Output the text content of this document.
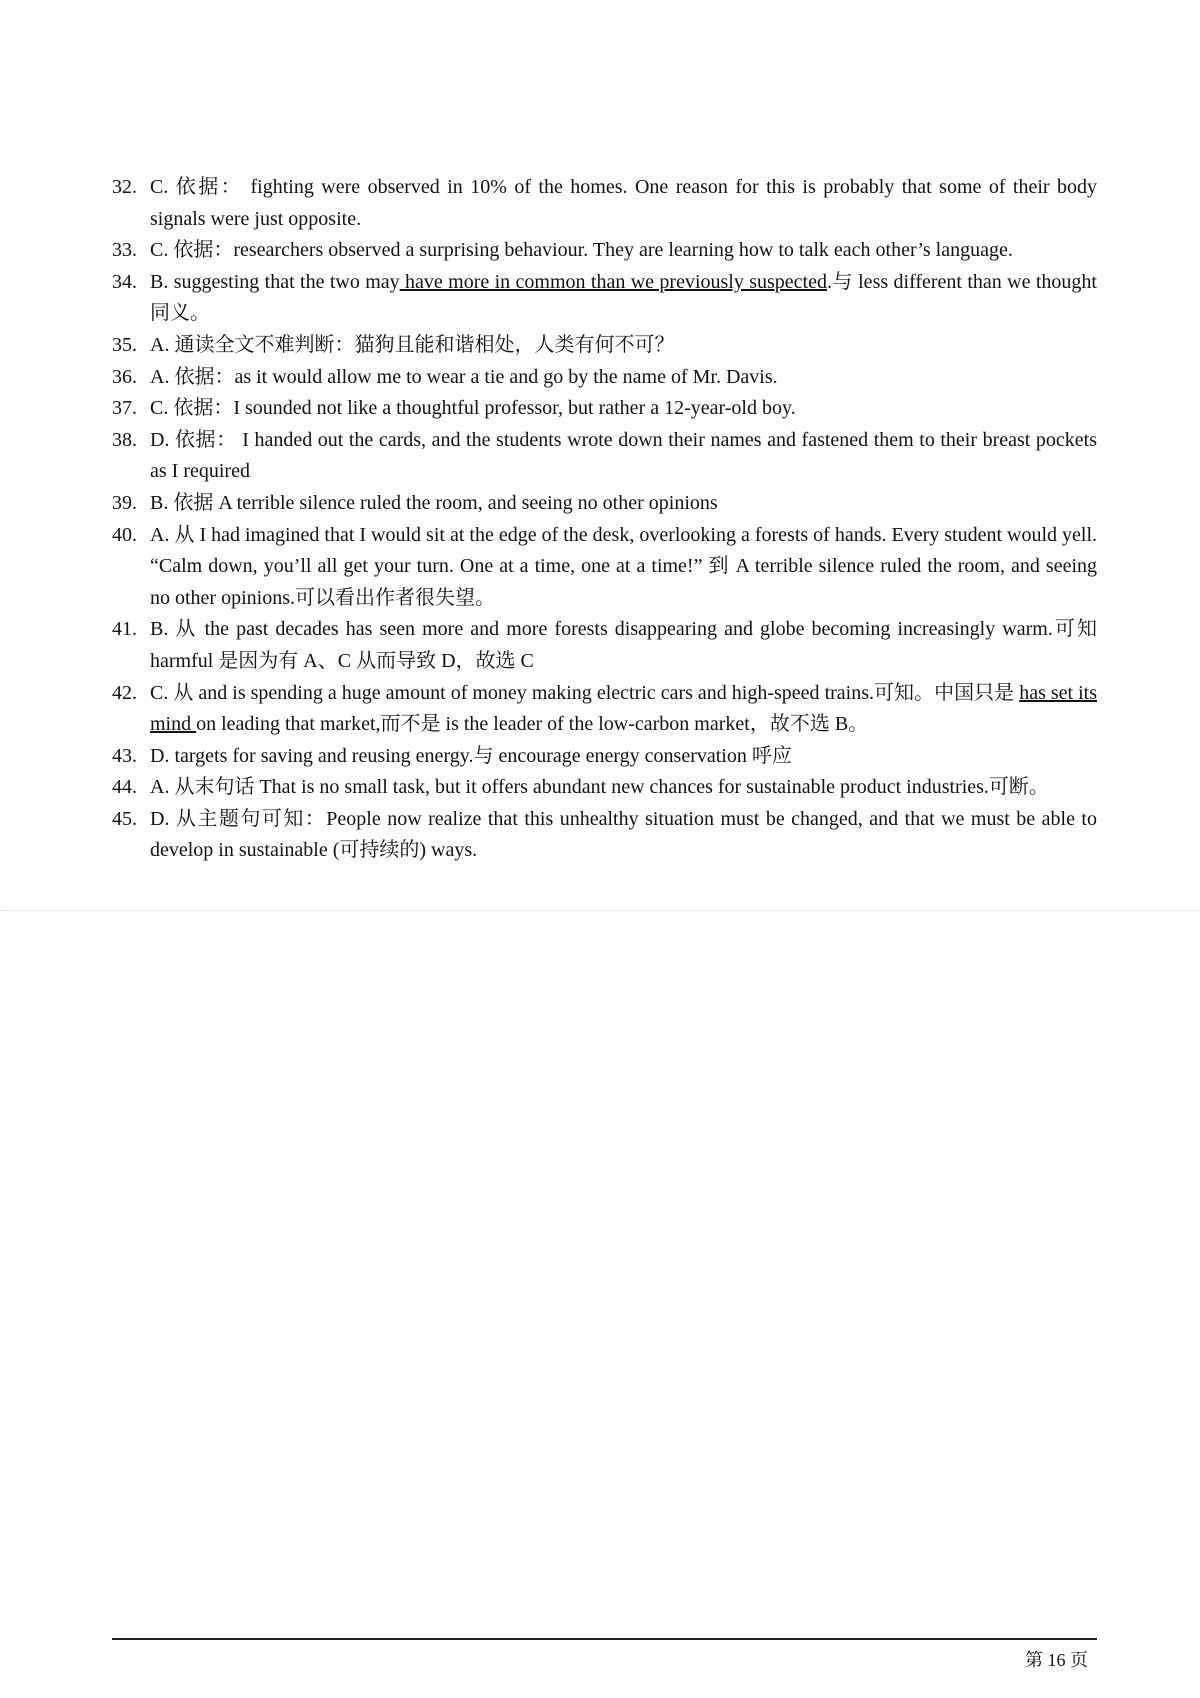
32. C. 依据： fighting were observed in 10% of the homes. One reason for this is probably that some of their body signals were just opposite.
33. C. 依据：researchers observed a surprising behaviour. They are learning how to talk each other’s language.
34. B. suggesting that the two may have more in common than we previously suspected.与 less different than we thought 同义。
35. A. 通读全文不难判断：猫狗且能和谐相处，人类有何不可？
36. A. 依据：as it would allow me to wear a tie and go by the name of Mr. Davis.
37. C. 依据：I sounded not like a thoughtful professor, but rather a 12-year-old boy.
38. D. 依据： I handed out the cards, and the students wrote down their names and fastened them to their breast pockets as I required
39. B. 依据 A terrible silence ruled the room, and seeing no other opinions
40. A. 从 I had imagined that I would sit at the edge of the desk, overlooking a forests of hands. Every student would yell. “Calm down, you’ll all get your turn. One at a time, one at a time!” 到 A terrible silence ruled the room, and seeing no other opinions.可以看出作者很失望。
41. B. 从 the past decades has seen more and more forests disappearing and globe becoming increasingly warm.可知 harmful 是因为有 A、C 从而导致 D，故选 C
42. C. 从 and is spending a huge amount of money making electric cars and high-speed trains.可知。中国只是 has set its mind on leading that market,而不是 is the leader of the low-carbon market，故不选 B。
43. D. targets for saving and reusing energy.与 encourage energy conservation 呼应
44. A. 从末句话 That is no small task, but it offers abundant new chances for sustainable product industries.可断。
45. D. 从主题句可知：People now realize that this unhealthy situation must be changed, and that we must be able to develop in sustainable (可持续的) ways.
第 16 页
